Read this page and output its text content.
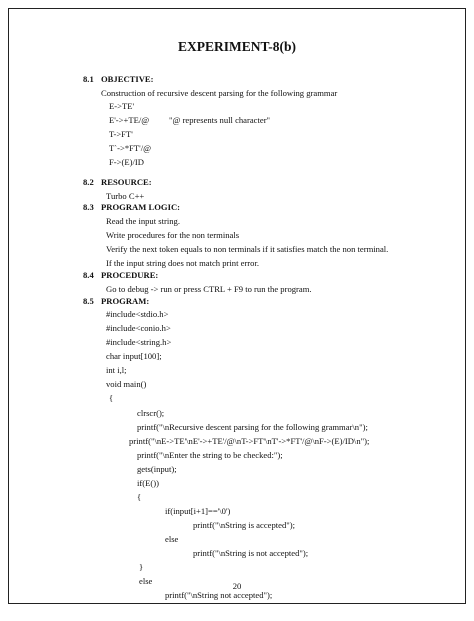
EXPERIMENT-8(b)
8.1 OBJECTIVE:
Construction of recursive descent parsing for the following grammar
E->TE'
E'->+TE/@ "@ represents null character"
T->FT'
T`->*FT'/@
F->(E)/ID
8.2 RESOURCE:
Turbo C++
8.3 PROGRAM LOGIC:
Read the input string.
Write procedures for the non terminals
Verify the next token equals to non terminals if it satisfies match the non terminal.
If the input string does not match print error.
8.4 PROCEDURE:
Go to debug -> run or press CTRL + F9 to run the program.
8.5 PROGRAM:
#include<stdio.h>
#include<conio.h>
#include<string.h>
char input[100];
int i,l;
void main()
{
clrscr();
printf("\nRecursive descent parsing for the following grammar\n");
printf("\nE->TE'\nE'->+TE'/@\nT->FT'\nT'->*FT'/@\nF->(E)/ID\n");
printf("\nEnter the string to be checked:");
gets(input);
if(E())
{
if(input[i+1]=='\0')
printf("\nString is accepted");
else
printf("\nString is not accepted");
}
else
printf("\nString not accepted");
20
